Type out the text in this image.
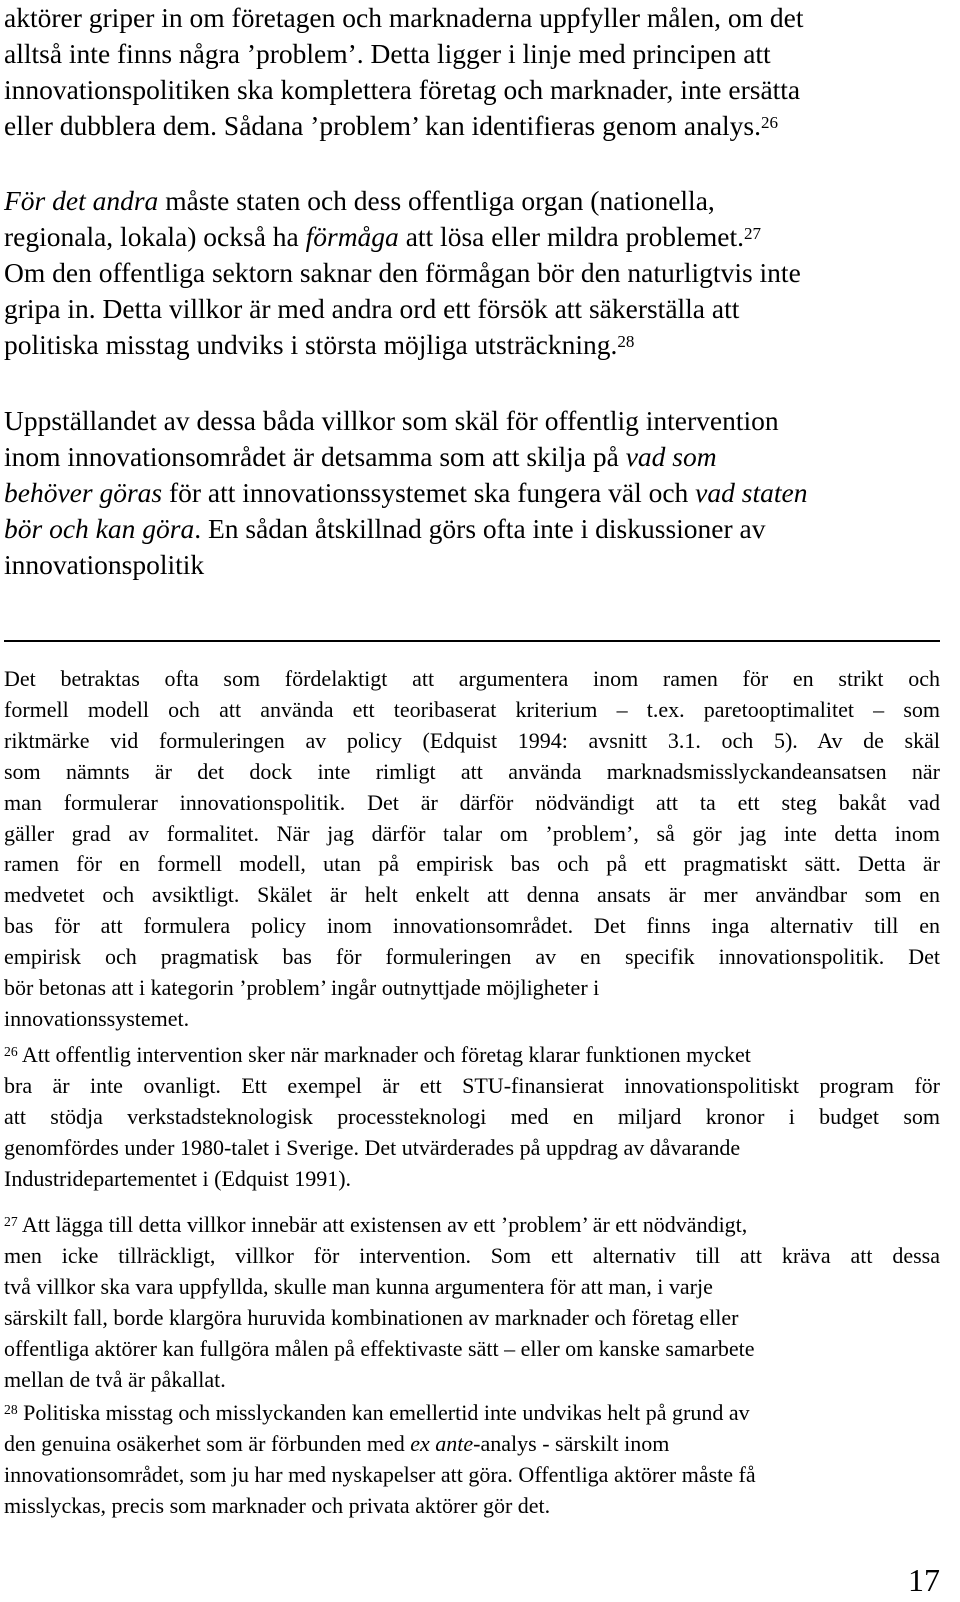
aktörer griper in om företagen och marknaderna uppfyller målen, om det
alltså inte finns några ’problem’. Detta ligger i linje med principen att
innovationspolitiken ska komplettera företag och marknader, inte ersätta
eller dubblera dem. Sådana ’problem’ kan identifieras genom analys.$^{26}$

För det andra måste staten och dess offentliga organ (nationella,
regionala, lokala) också ha förmåga att lösa eller mildra problemet.$^{27}$
Om den offentliga sektorn saknar den förmågan bör den naturligtvis inte
gripa in. Detta villkor är med andra ord ett försök att säkerställa att
politiska misstag undviks i största möjliga utsträckning.$^{28}$

Uppställandet av dessa båda villkor som skäl för offentlig intervention
inom innovationsområdet är detsamma som att skilja på vad som
behöver göras för att innovationssystemet ska fungera väl och vad staten
bör och kan göra. En sådan åtskillnad görs ofta inte i diskussioner av
innovationspolitik

Det betraktas ofta som fördelaktigt att argumentera inom ramen för en strikt och
formell modell och att använda ett teoribaserat kriterium – t.ex. paretooptimalitet – som
riktmärke vid formuleringen av policy (Edquist 1994: avsnitt 3.1. och 5). Av de skäl
som nämnts är det dock inte rimligt att använda marknadsmisslyckandeansatsen när
man formulerar innovationspolitik. Det är därför nödvändigt att ta ett steg bakåt vad
gäller grad av formalitet. När jag därför talar om ’problem’, så gör jag inte detta inom
ramen för en formell modell, utan på empirisk bas och på ett pragmatiskt sätt. Detta är
medvetet och avsiktligt. Skälet är helt enkelt att denna ansats är mer användbar som en
bas för att formulera policy inom innovationsområdet. Det finns inga alternativ till en
empirisk och pragmatisk bas för formuleringen av en specifik innovationspolitik. Det
bör betonas att i kategorin ’problem’ ingår outnyttjade möjligheter i
innovationssystemet.
$^{26}$ Att offentlig intervention sker när marknader och företag klarar funktionen mycket
bra är inte ovanligt. Ett exempel är ett STU-finansierat innovationspolitiskt program för
att stödja verkstadsteknologisk processteknologi med en miljard kronor i budget som
genomfördes under 1980-talet i Sverige. Det utvärderades på uppdrag av dåvarande
Industridepartementet i (Edquist 1991).
$^{27}$ Att lägga till detta villkor innebär att existensen av ett ’problem’ är ett nödvändigt,
men icke tillräckligt, villkor för intervention. Som ett alternativ till att kräva att dessa
två villkor ska vara uppfyllda, skulle man kunna argumentera för att man, i varje
särskilt fall, borde klargöra huruvida kombinationen av marknader och företag eller
offentliga aktörer kan fullgöra målen på effektivaste sätt – eller om kanske samarbete
mellan de två är påkallat.
$^{28}$ Politiska misstag och misslyckanden kan emellertid inte undvikas helt på grund av
den genuina osäkerhet som är förbunden med ex ante-analys - särskilt inom
innovationsområdet, som ju har med nyskapelser att göra. Offentliga aktörer måste få
misslyckas, precis som marknader och privata aktörer gör det.
17
